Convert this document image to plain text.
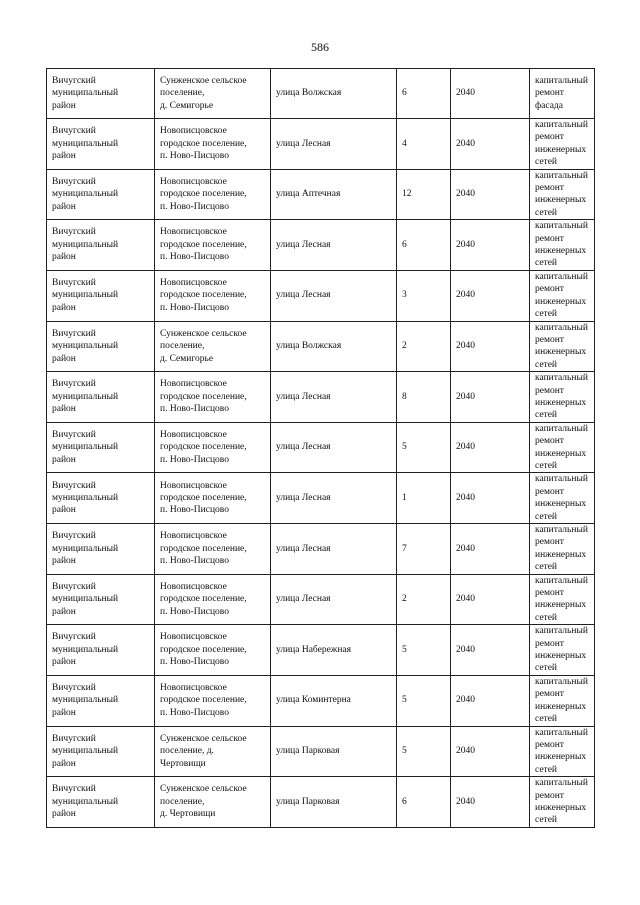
586
Вичугский
муниципальный
район	Сунженское сельское
поселение,
д. Семигорье	улица Волжская	6	2040	капитальный
ремонт фасада
Вичугский
муниципальный
район	Новописцовское
городское поселение,
п. Ново-Писцово	улица Лесная	4	2040	капитальный
ремонт
инженерных
сетей
Вичугский
муниципальный
район	Новописцовское
городское поселение,
п. Ново-Писцово	улица Аптечная	12	2040	капитальный
ремонт
инженерных
сетей
Вичугский
муниципальный
район	Новописцовское
городское поселение,
п. Ново-Писцово	улица Лесная	6	2040	капитальный
ремонт
инженерных
сетей
Вичугский
муниципальный
район	Новописцовское
городское поселение,
п. Ново-Писцово	улица Лесная	3	2040	капитальный
ремонт
инженерных
сетей
Вичугский
муниципальный
район	Сунженское сельское
поселение,
д. Семигорье	улица Волжская	2	2040	капитальный
ремонт
инженерных
сетей
Вичугский
муниципальный
район	Новописцовское
городское поселение,
п. Ново-Писцово	улица Лесная	8	2040	капитальный
ремонт
инженерных
сетей
Вичугский
муниципальный
район	Новописцовское
городское поселение,
п. Ново-Писцово	улица Лесная	5	2040	капитальный
ремонт
инженерных
сетей
Вичугский
муниципальный
район	Новописцовское
городское поселение,
п. Ново-Писцово	улица Лесная	1	2040	капитальный
ремонт
инженерных
сетей
Вичугский
муниципальный
район	Новописцовское
городское поселение,
п. Ново-Писцово	улица Лесная	7	2040	капитальный
ремонт
инженерных
сетей
Вичугский
муниципальный
район	Новописцовское
городское поселение,
п. Ново-Писцово	улица Лесная	2	2040	капитальный
ремонт
инженерных
сетей
Вичугский
муниципальный
район	Новописцовское
городское поселение,
п. Ново-Писцово	улица Набережная	5	2040	капитальный
ремонт
инженерных
сетей
Вичугский
муниципальный
район	Новописцовское
городское поселение,
п. Ново-Писцово	улица Коминтерна	5	2040	капитальный
ремонт
инженерных
сетей
Вичугский
муниципальный
район	Сунженское сельское
поселение, д.
Чертовищи	улица Парковая	5	2040	капитальный
ремонт
инженерных
сетей
Вичугский
муниципальный
район	Сунженское сельское
поселение,
д. Чертовищи	улица Парковая	6	2040	капитальный
ремонт
инженерных
сетей
